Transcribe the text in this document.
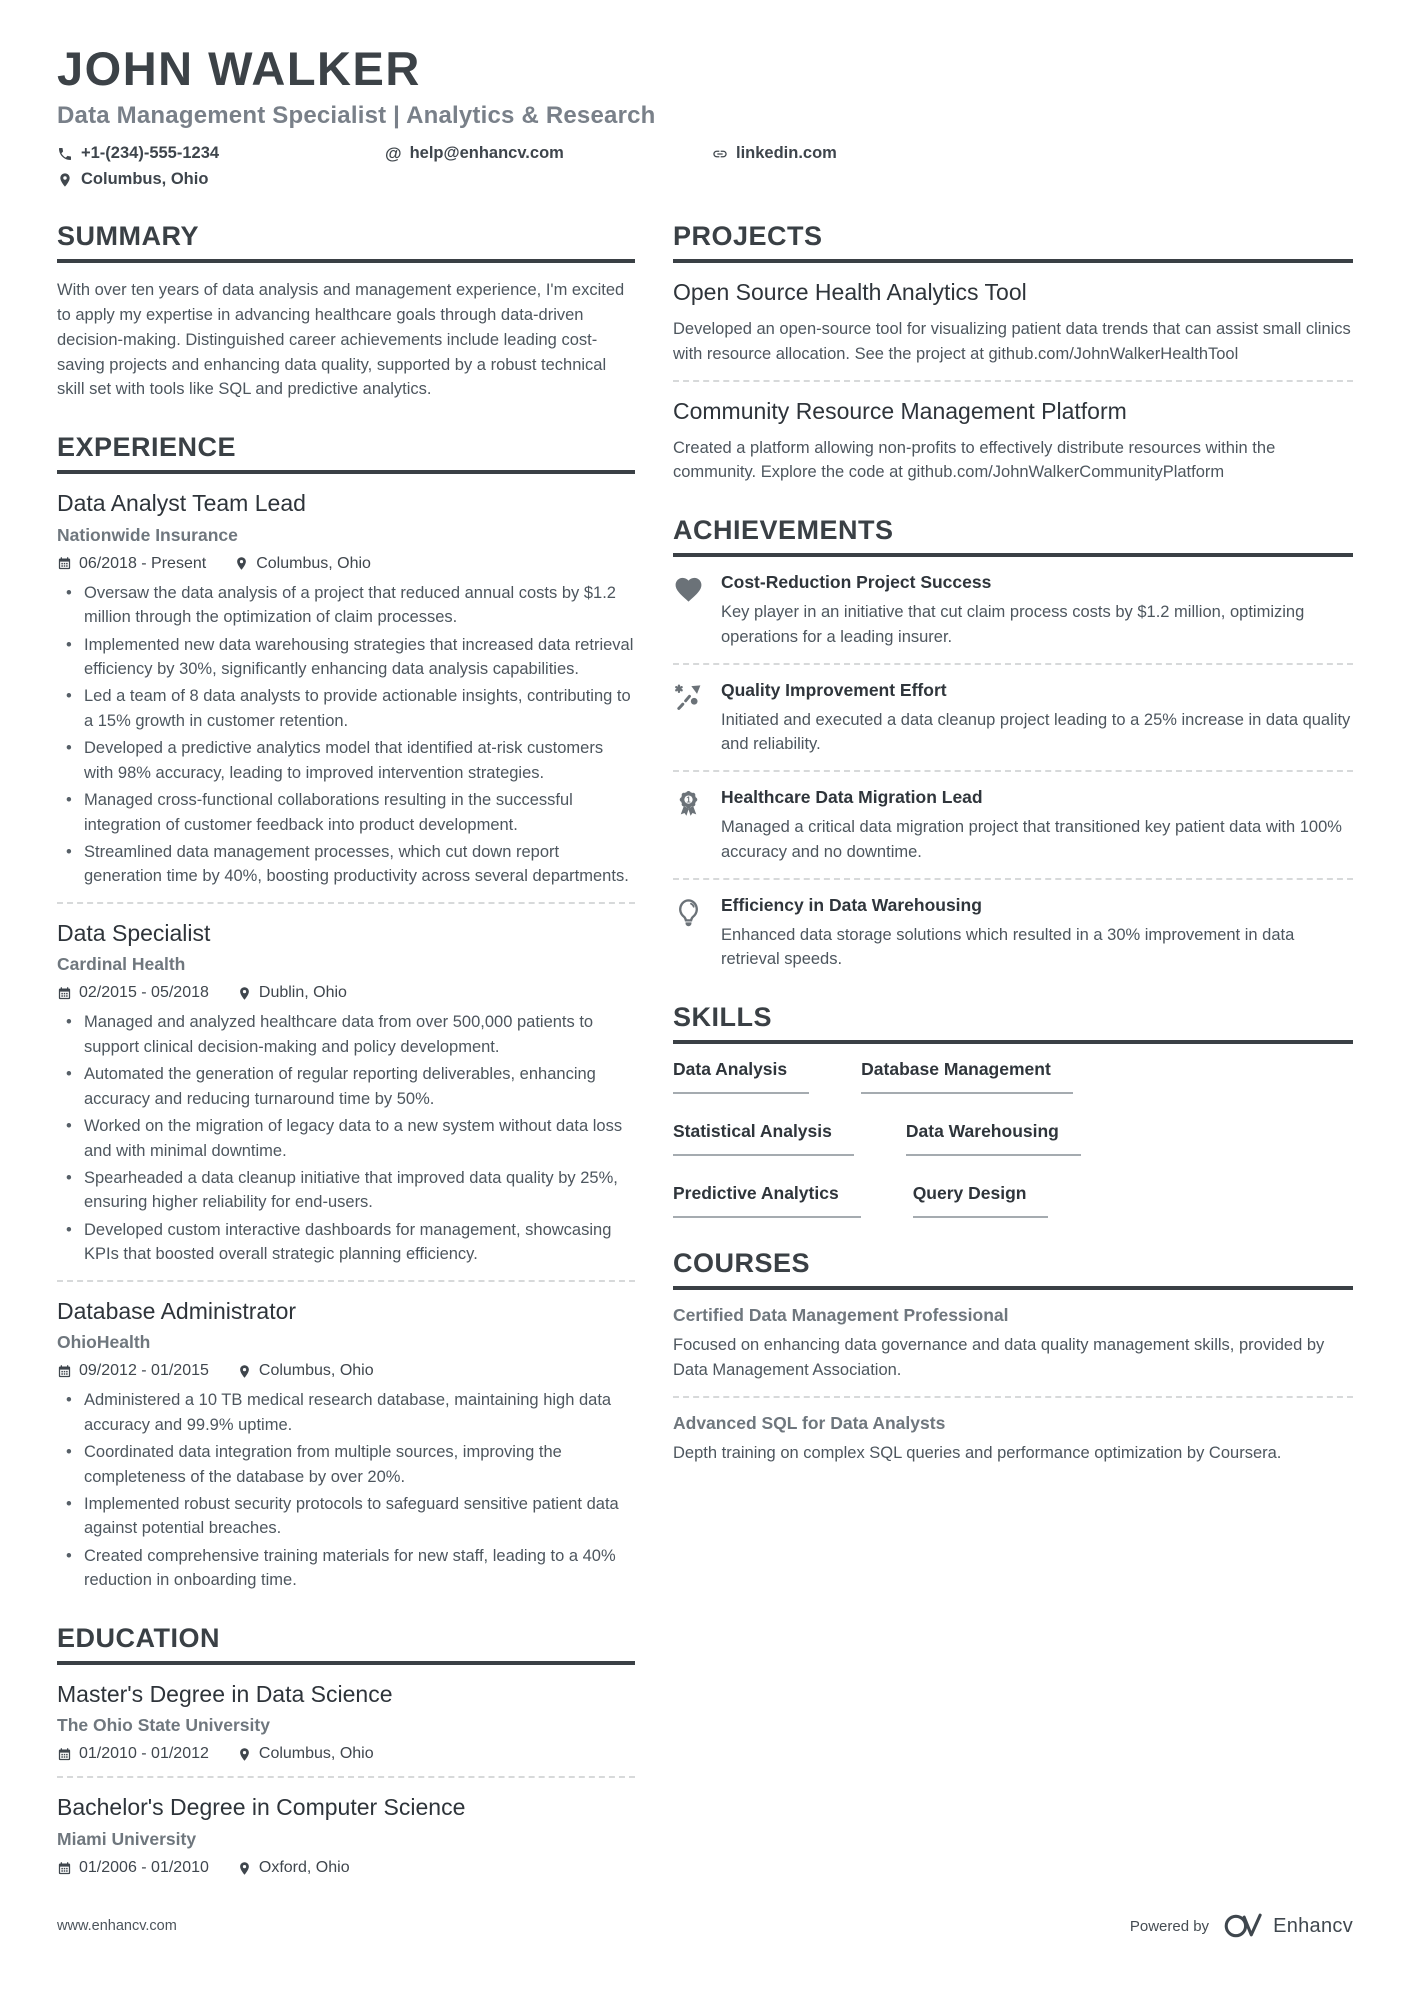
JOHN WALKER
Data Management Specialist | Analytics & Research
+1-(234)-555-1234	@ help@enhancv.com	linkedin.com
Columbus, Ohio
SUMMARY

With over ten years of data analysis and management experience, I'm excited to apply my expertise in advancing healthcare goals through data-driven decision-making. Distinguished career achievements include leading cost-saving projects and enhancing data quality, supported by a robust technical skill set with tools like SQL and predictive analytics.

EXPERIENCE
Data Analyst Team Lead
Nationwide Insurance
06/2018 - Present	Columbus, Ohio
• Oversaw the data analysis of a project that reduced annual costs by $1.2 million through the optimization of claim processes.
• Implemented new data warehousing strategies that increased data retrieval efficiency by 30%, significantly enhancing data analysis capabilities.
• Led a team of 8 data analysts to provide actionable insights, contributing to a 15% growth in customer retention.
• Developed a predictive analytics model that identified at-risk customers with 98% accuracy, leading to improved intervention strategies.
• Managed cross-functional collaborations resulting in the successful integration of customer feedback into product development.
• Streamlined data management processes, which cut down report generation time by 40%, boosting productivity across several departments.
Data Specialist
Cardinal Health
02/2015 - 05/2018	Dublin, Ohio
• Managed and analyzed healthcare data from over 500,000 patients to support clinical decision-making and policy development.
• Automated the generation of regular reporting deliverables, enhancing accuracy and reducing turnaround time by 50%.
• Worked on the migration of legacy data to a new system without data loss and with minimal downtime.
• Spearheaded a data cleanup initiative that improved data quality by 25%, ensuring higher reliability for end-users.
• Developed custom interactive dashboards for management, showcasing KPIs that boosted overall strategic planning efficiency.
Database Administrator
OhioHealth
09/2012 - 01/2015	Columbus, Ohio
• Administered a 10 TB medical research database, maintaining high data accuracy and 99.9% uptime.
• Coordinated data integration from multiple sources, improving the completeness of the database by over 20%.
• Implemented robust security protocols to safeguard sensitive patient data against potential breaches.
• Created comprehensive training materials for new staff, leading to a 40% reduction in onboarding time.
EDUCATION
Master's Degree in Data Science
The Ohio State University
01/2010 - 01/2012	Columbus, Ohio
Bachelor's Degree in Computer Science
Miami University
01/2006 - 01/2010	Oxford, Ohio
PROJECTS
Open Source Health Analytics Tool

Developed an open-source tool for visualizing patient data trends that can assist small clinics with resource allocation. See the project at github.com/JohnWalkerHealthTool

Community Resource Management Platform

Created a platform allowing non-profits to effectively distribute resources within the community. Explore the code at github.com/JohnWalkerCommunityPlatform

ACHIEVEMENTS
Cost-Reduction Project Success

Key player in an initiative that cut claim process costs by $1.2 million, optimizing operations for a leading insurer.

Quality Improvement Effort

Initiated and executed a data cleanup project leading to a 25% increase in data quality and reliability.

1 Healthcare Data Migration Lead

Managed a critical data migration project that transitioned key patient data with 100% accuracy and no downtime.

Efficiency in Data Warehousing

Enhanced data storage solutions which resulted in a 30% improvement in data retrieval speeds.

SKILLS
Data Analysis	Database Management
Statistical Analysis	Data Warehousing
Predictive Analytics	Query Design
COURSES
Certified Data Management Professional

Focused on enhancing data governance and data quality management skills, provided by Data Management Association.

Advanced SQL for Data Analysts

Depth training on complex SQL queries and performance optimization by Coursera.

www.enhancv.com	Powered by	Enhancv
